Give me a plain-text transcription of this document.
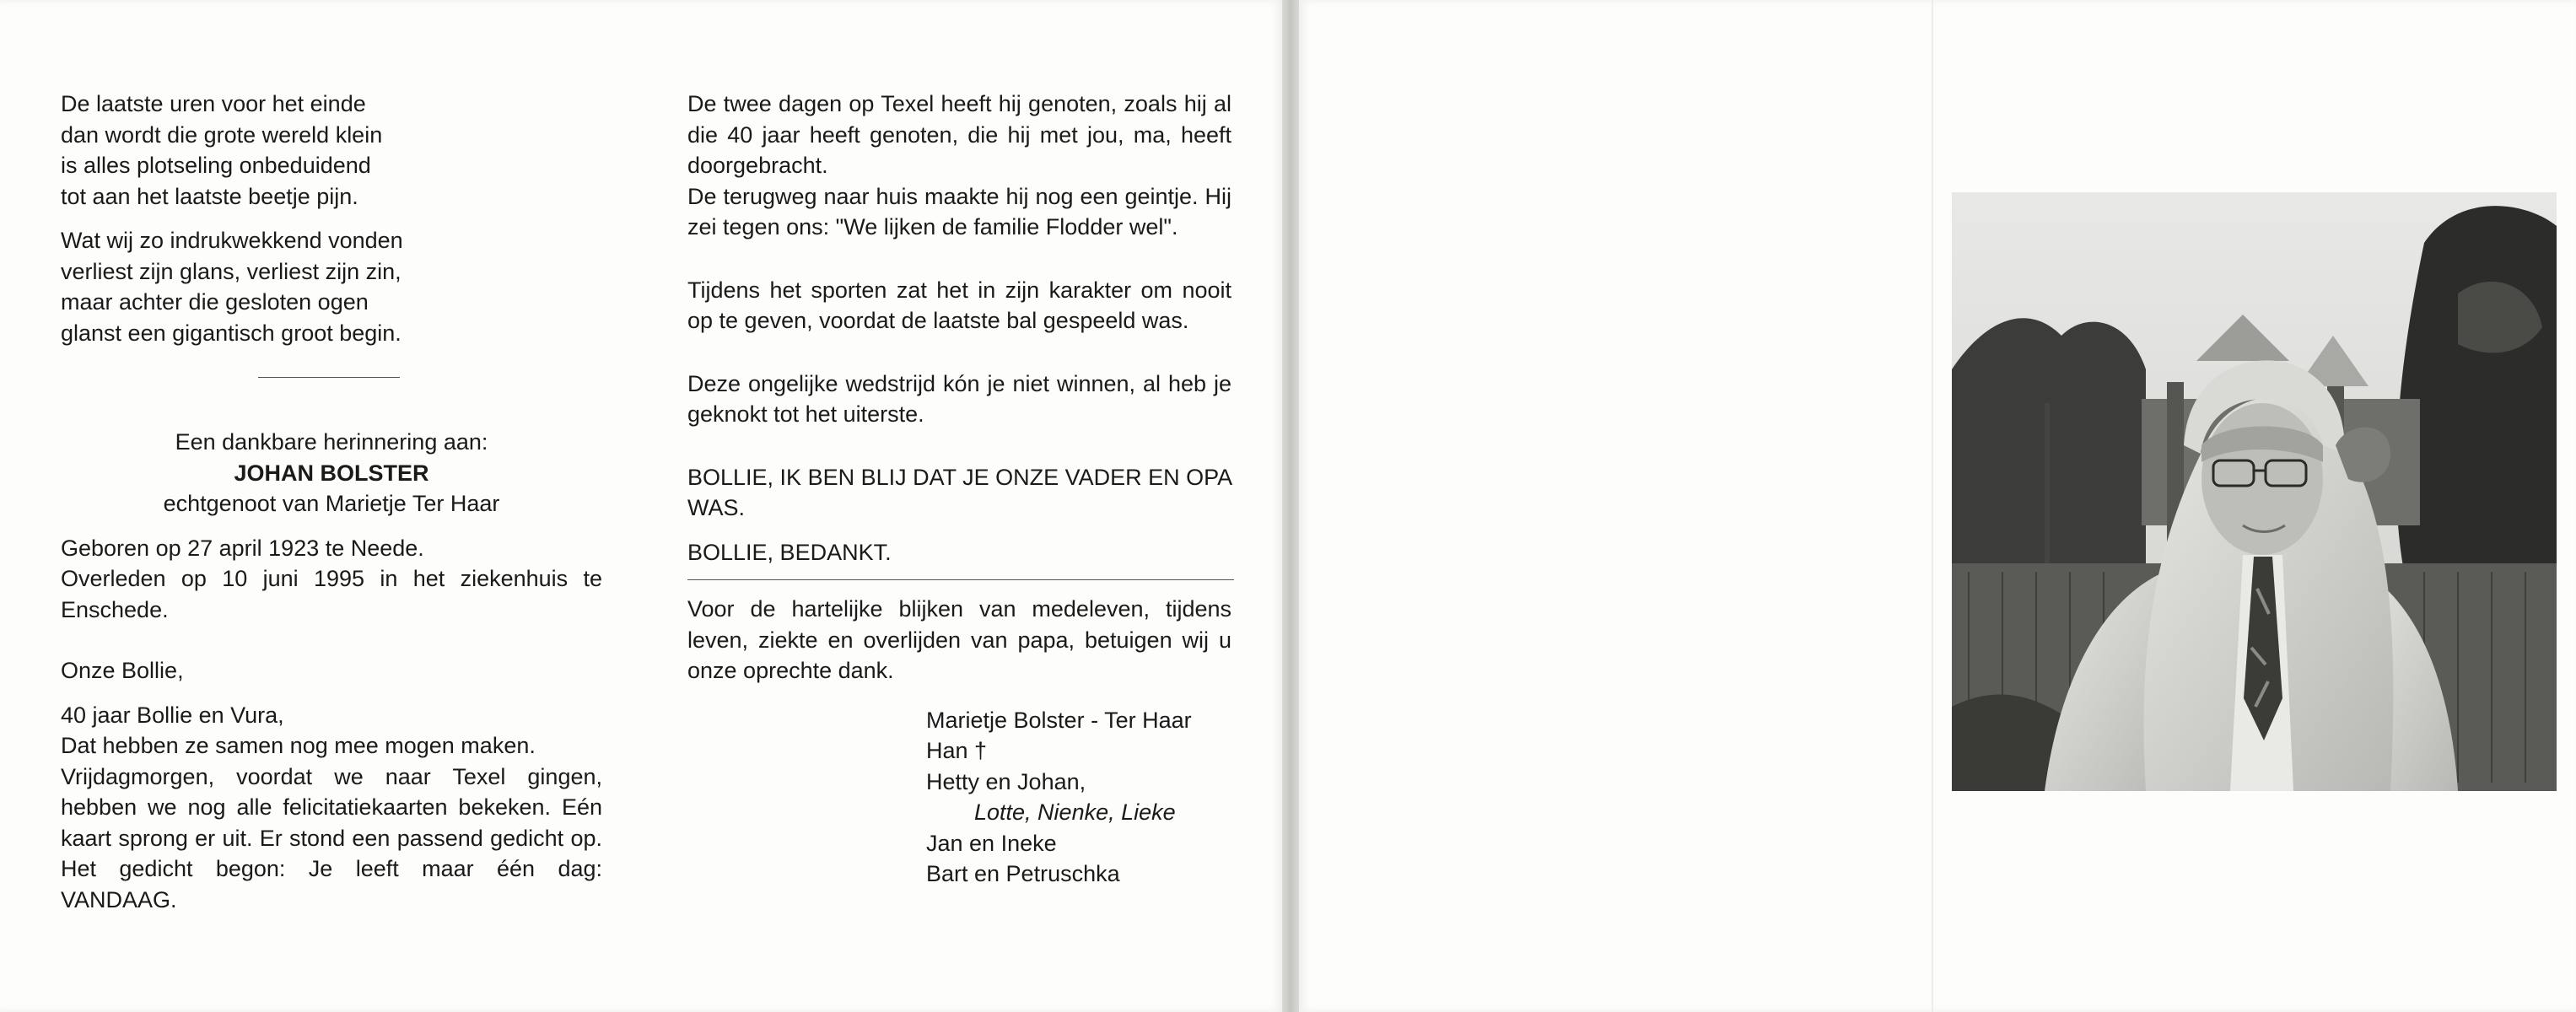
De laatste uren voor het einde
dan wordt die grote wereld klein
is alles plotseling onbeduidend
tot aan het laatste beetje pijn.
Wat wij zo indrukwekkend vonden
verliest zijn glans, verliest zijn zin,
maar achter die gesloten ogen
glanst een gigantisch groot begin.

Een dankbare herinnering aan:

JOHAN BOLSTER

echtgenoot van Marietje Ter Haar

Geboren op 27 april 1923 te Neede.

Overleden op 10 juni 1995 in het ziekenhuis te Enschede.

Onze Bollie,

40 jaar Bollie en Vura,

Dat hebben ze samen nog mee mogen maken.

Vrijdagmorgen, voordat we naar Texel gingen, hebben we nog alle felicitatiekaarten bekeken. Eén kaart sprong er uit. Er stond een passend gedicht op. Het gedicht begon: Je leeft maar één dag: VANDAAG.

De twee dagen op Texel heeft hij genoten, zoals hij al die 40 jaar heeft genoten, die hij met jou, ma, heeft doorgebracht.

De terugweg naar huis maakte hij nog een geintje. Hij zei tegen ons: "We lijken de familie Flodder wel".

Tijdens het sporten zat het in zijn karakter om nooit op te geven, voordat de laatste bal gespeeld was.

Deze ongelijke wedstrijd kón je niet winnen, al heb je geknokt tot het uiterste.

BOLLIE, IK BEN BLIJ DAT JE ONZE VADER EN OPA WAS.

BOLLIE, BEDANKT.

Voor de hartelijke blijken van medeleven, tijdens leven, ziekte en overlijden van papa, betuigen wij u onze oprechte dank.

Marietje Bolster - Ter Haar
Han †
Hetty en Johan,
Lotte, Nienke, Lieke
Jan en Ineke
Bart en Petruschka
